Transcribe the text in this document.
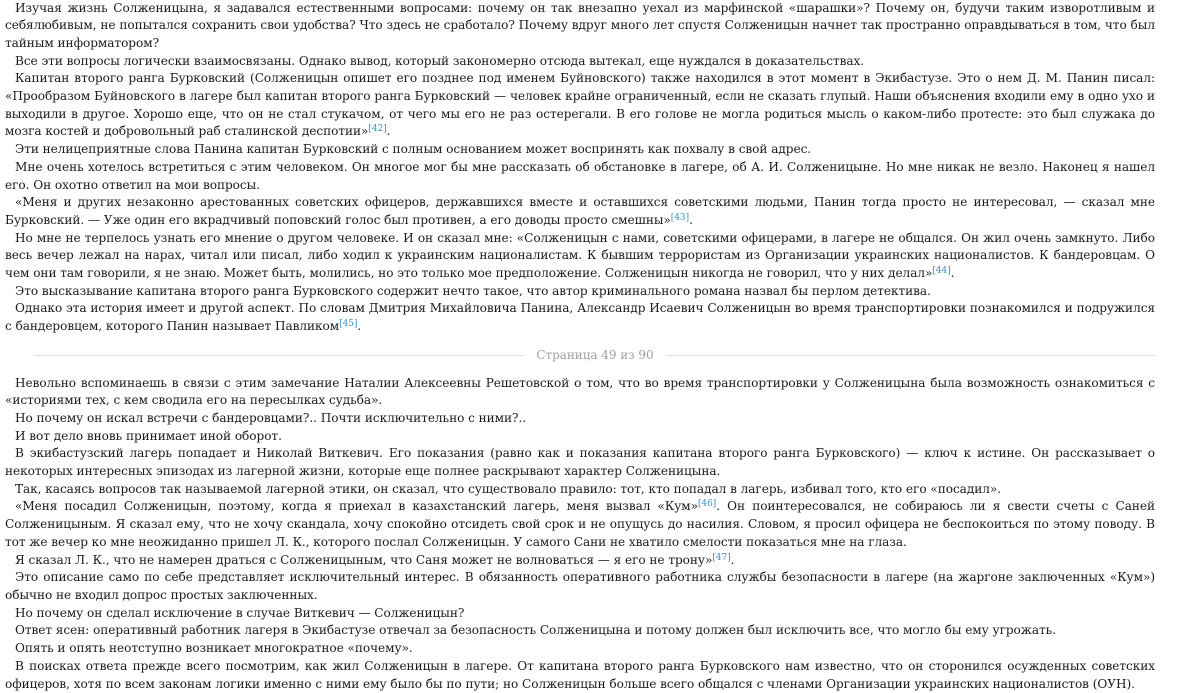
Изучая жизнь Солженицына, я задавался естественными вопросами: почему он так внезапно уехал из марфинской «шарашки»? Почему он, будучи таким изворотливым и себялюбивым, не попытался сохранить свои удобства? Что здесь не сработало? Почему вдруг много лет спустя Солженицын начнет так пространно оправдываться в том, что был тайным информатором?

Все эти вопросы логически взаимосвязаны. Однако вывод, который закономерно отсюда вытекал, еще нуждался в доказательствах.

Капитан второго ранга Бурковский (Солженицын опишет его позднее под именем Буйновского) также находился в этот момент в Экибастузе. Это о нем Д. М. Панин писал: «Прообразом Буйновского в лагере был капитан второго ранга Бурковский — человек крайне ограниченный, если не сказать глупый. Наши объяснения входили ему в одно ухо и выходили в другое. Хорошо еще, что он не стал стукачом, от чего мы его не раз остерегали. В его голове не могла родиться мысль о каком-либо протесте: это был служака до мозга костей и добровольный раб сталинской деспотии»[42].

Эти нелицеприятные слова Панина капитан Бурковский с полным основанием может воспринять как похвалу в свой адрес.

Мне очень хотелось встретиться с этим человеком. Он многое мог бы мне рассказать об обстановке в лагере, об А. И. Солженицыне. Но мне никак не везло. Наконец я нашел его. Он охотно ответил на мои вопросы.

«Меня и других незаконно арестованных советских офицеров, державшихся вместе и оставшихся советскими людьми, Панин тогда просто не интересовал, — сказал мне Бурковский. — Уже один его вкрадчивый поповский голос был противен, а его доводы просто смешны»[43].

Но мне не терпелось узнать его мнение о другом человеке. И он сказал мне: «Солженицын с нами, советскими офицерами, в лагере не общался. Он жил очень замкнуто. Либо весь вечер лежал на нарах, читал или писал, либо ходил к украинским националистам. К бывшим террористам из Организации украинских националистов. К бандеровцам. О чем они там говорили, я не знаю. Может быть, молились, но это только мое предположение. Солженицын никогда не говорил, что у них делал»[44].

Это высказывание капитана второго ранга Бурковского содержит нечто такое, что автор криминального романа назвал бы перлом детектива.

Однако эта история имеет и другой аспект. По словам Дмитрия Михайловича Панина, Александр Исаевич Солженицын во время транспортировки познакомился и подружился с бандеровцем, которого Панин называет Павликом[45].

Страница 49 из 90

Невольно вспоминаешь в связи с этим замечание Наталии Алексеевны Решетовской о том, что во время транспортировки у Солженицына была возможность ознакомиться с «историями тех, с кем сводила его на пересылках судьба».

Но почему он искал встречи с бандеровцами?.. Почти исключительно с ними?..

И вот дело вновь принимает иной оборот.

В экибастузский лагерь попадает и Николай Виткевич. Его показания (равно как и показания капитана второго ранга Бурковского) — ключ к истине. Он рассказывает о некоторых интересных эпизодах из лагерной жизни, которые еще полнее раскрывают характер Солженицына.

Так, касаясь вопросов так называемой лагерной этики, он сказал, что существовало правило: тот, кто попадал в лагерь, избивал того, кто его «посадил».

«Меня посадил Солженицын, поэтому, когда я приехал в казахстанский лагерь, меня вызвал «Кум»[46]. Он поинтересовался, не собираюсь ли я свести счеты с Саней Солженицыным. Я сказал ему, что не хочу скандала, хочу спокойно отсидеть свой срок и не опущусь до насилия. Словом, я просил офицера не беспокоиться по этому поводу. В тот же вечер ко мне неожиданно пришел Л. К., которого послал Солженицын. У самого Сани не хватило смелости показаться мне на глаза.

Я сказал Л. К., что не намерен драться с Солженицыным, что Саня может не волноваться — я его не трону»[47].

Это описание само по себе представляет исключительный интерес. В обязанность оперативного работника службы безопасности в лагере (на жаргоне заключенных «Кум») обычно не входил допрос простых заключенных.

Но почему он сделал исключение в случае Виткевич — Солженицын?

Ответ ясен: оперативный работник лагеря в Экибастузе отвечал за безопасность Солженицына и потому должен был исключить все, что могло бы ему угрожать.

Опять и опять неотступно возникает многократное «почему».

В поисках ответа прежде всего посмотрим, как жил Солженицын в лагере. От капитана второго ранга Бурковского нам известно, что он сторонился осужденных советских офицеров, хотя по всем законам логики именно с ними ему было бы по пути; но Солженицын больше всего общался с членами Организации украинских националистов (ОУН).
